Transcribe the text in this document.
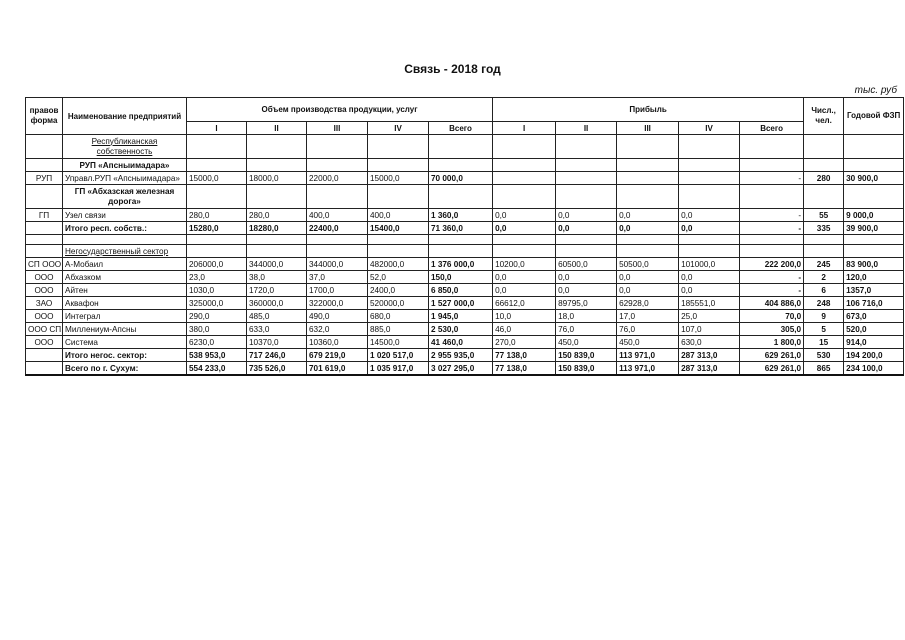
Связь - 2018 год
тыс. руб
правов форма	Наименование предприятий	Объем производства продукции, услуг					Прибыль					Числ., чел.	Годовой ФЗП
		I	II	III	IV	Всего	I	II	III	IV	Всего		
	Республиканская собственность												
	РУП «Апсныимадара»												
РУП	Управл.РУП «Апсныимадара»	15000,0	18000,0	22000,0	15000,0	70 000,0					-	280	30 900,0
	ГП «Абхазская железная дорога»												
ГП	Узел связи	280,0	280,0	400,0	400,0	1 360,0	0,0	0,0	0,0	0,0	-	55	9 000,0
	Итого респ. собств.:	15280,0	18280,0	22400,0	15400,0	71 360,0	0,0	0,0	0,0	0,0	-	335	39 900,0

	Негосударственный сектор												
СП ООО	А-Мобаил	206000,0	344000,0	344000,0	482000,0	1 376 000,0	10200,0	60500,0	50500,0	101000,0	222 200,0	245	83 900,0
ООО	Абхазком	23,0	38,0	37,0	52,0	150,0	0,0	0,0	0,0	0,0	-	2	120,0
ООО	Айтен	1030,0	1720,0	1700,0	2400,0	6 850,0	0,0	0,0	0,0	0,0	-	6	1357,0
ЗАО	Аквафон	325000,0	360000,0	322000,0	520000,0	1 527 000,0	66612,0	89795,0	62928,0	185551,0	404 886,0	248	106 716,0
ООО	Интеграл	290,0	485,0	490,0	680,0	1 945,0	10,0	18,0	17,0	25,0	70,0	9	673,0
ООО СП	Миллениум-Апсны	380,0	633,0	632,0	885,0	2 530,0	46,0	76,0	76,0	107,0	305,0	5	520,0
ООО	Система	6230,0	10370,0	10360,0	14500,0	41 460,0	270,0	450,0	450,0	630,0	1 800,0	15	914,0
	Итого негос. сектор:	538 953,0	717 246,0	679 219,0	1 020 517,0	2 955 935,0	77 138,0	150 839,0	113 971,0	287 313,0	629 261,0	530	194 200,0
	Всего по г. Сухум:	554 233,0	735 526,0	701 619,0	1 035 917,0	3 027 295,0	77 138,0	150 839,0	113 971,0	287 313,0	629 261,0	865	234 100,0
